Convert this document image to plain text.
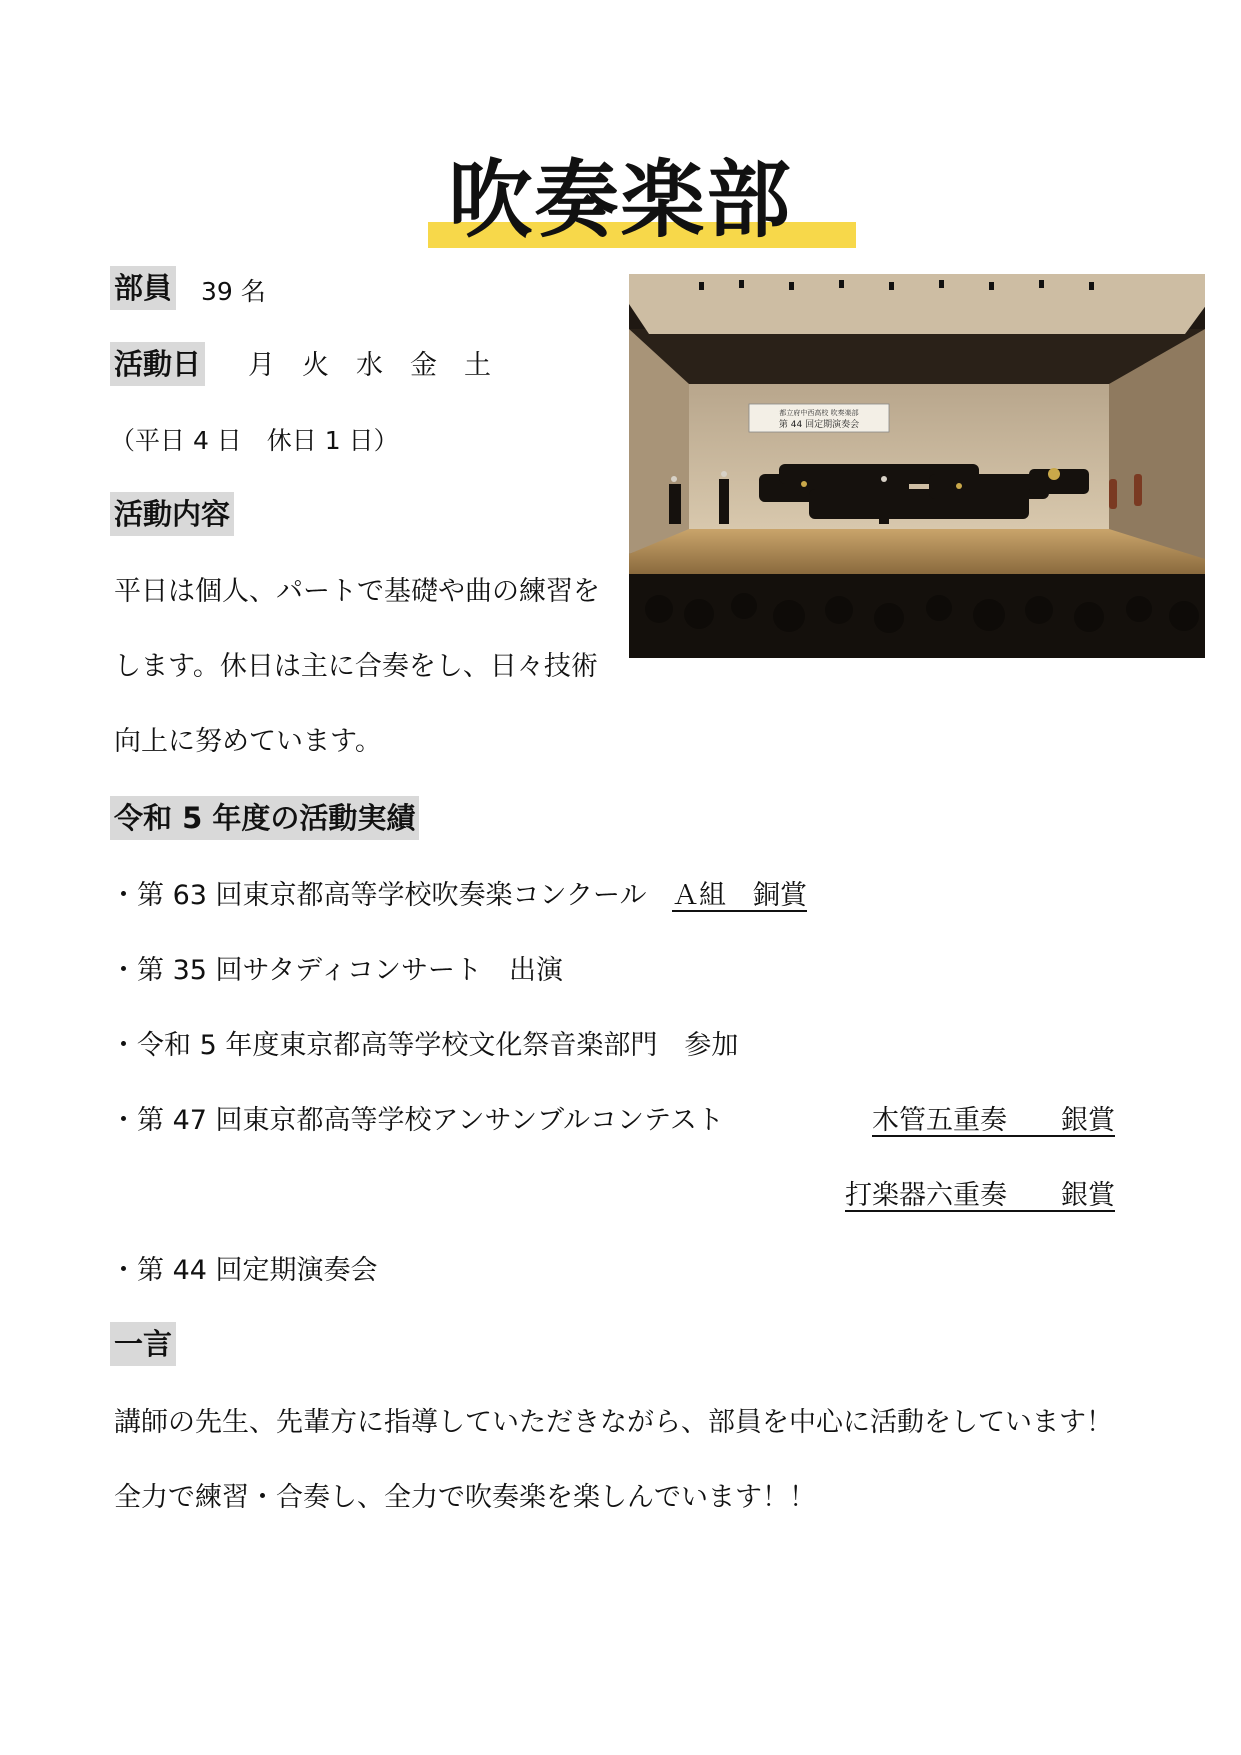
吹奏楽部
部員 39 名
活動日 月　火　水　金　土
（平日 4 日　休日 1 日）
活動内容
平日は個人、パートで基礎や曲の練習を
します。休日は主に合奏をし、日々技術
向上に努めています。
都立府中西高校 吹奏楽部
第 44 回定期演奏会
令和 5 年度の活動実績
・第 63 回東京都高等学校吹奏楽コンクール Ａ組　銅賞
・第 35 回サタディコンサート　出演
・令和 5 年度東京都高等学校文化祭音楽部門　参加
・第 47 回東京都高等学校アンサンブルコンテスト	木管五重奏　　銀賞
打楽器六重奏　　銀賞
・第 44 回定期演奏会
一言
講師の先生、先輩方に指導していただきながら、部員を中心に活動をしています！
全力で練習・合奏し、全力で吹奏楽を楽しんでいます！！
